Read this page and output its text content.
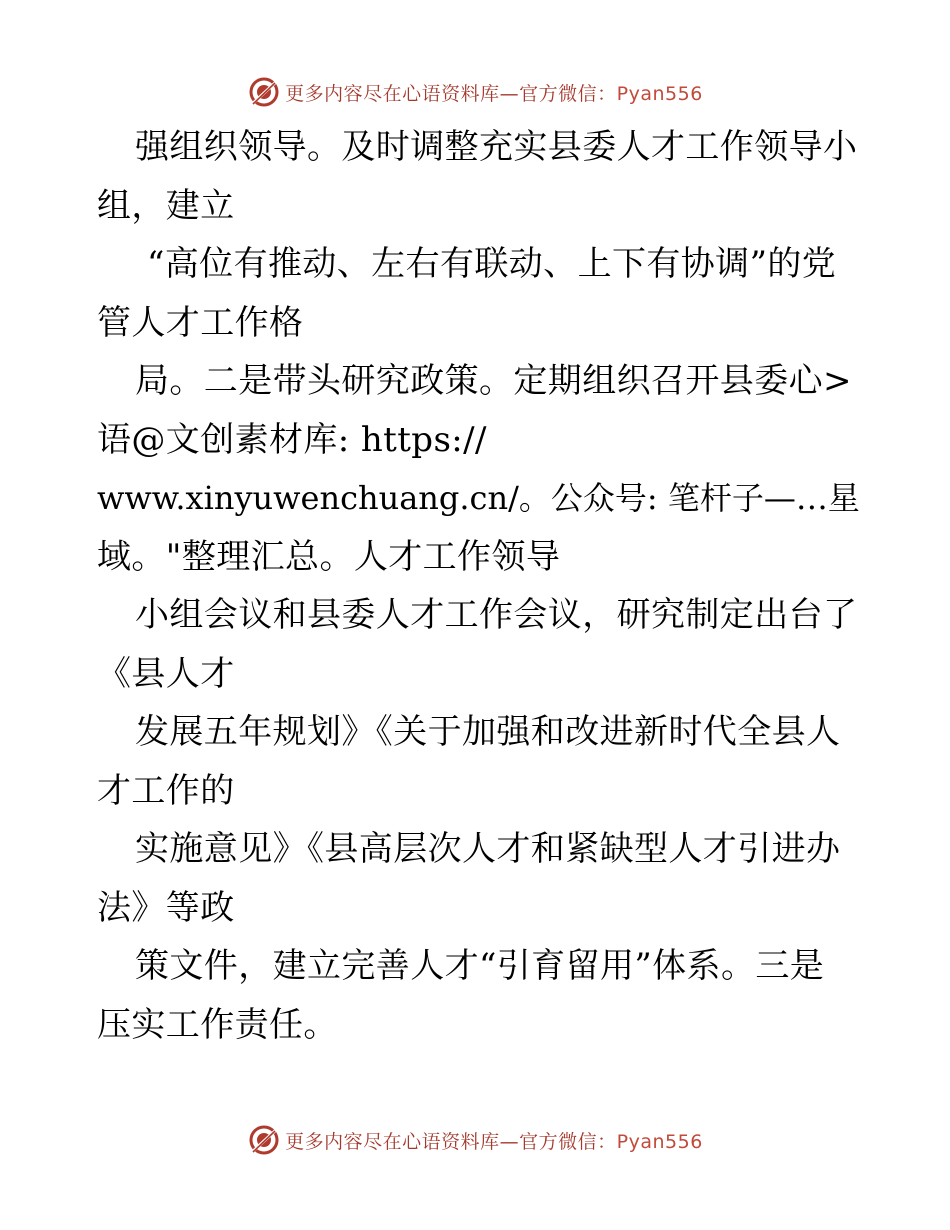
更多内容尽在心语资料库—官方微信：Pyan556
强组织领导。及时调整充实县委人才工作领导小
组，建立
“高位有推动、左右有联动、上下有协调”的党
管人才工作格
局。二是带头研究政策。定期组织召开县委心>
语@文创素材库: https://
www.xinyuwenchuang.cn/。公众号: 笔杆子—…星
域。"整理汇总。人才工作领导
小组会议和县委人才工作会议，研究制定出台了
《县人才
发展五年规划》《关于加强和改进新时代全县人
才工作的
实施意见》《县高层次人才和紧缺型人才引进办
法》等政
策文件，建立完善人才“引育留用”体系。三是
压实工作责任。
更多内容尽在心语资料库—官方微信：Pyan556
